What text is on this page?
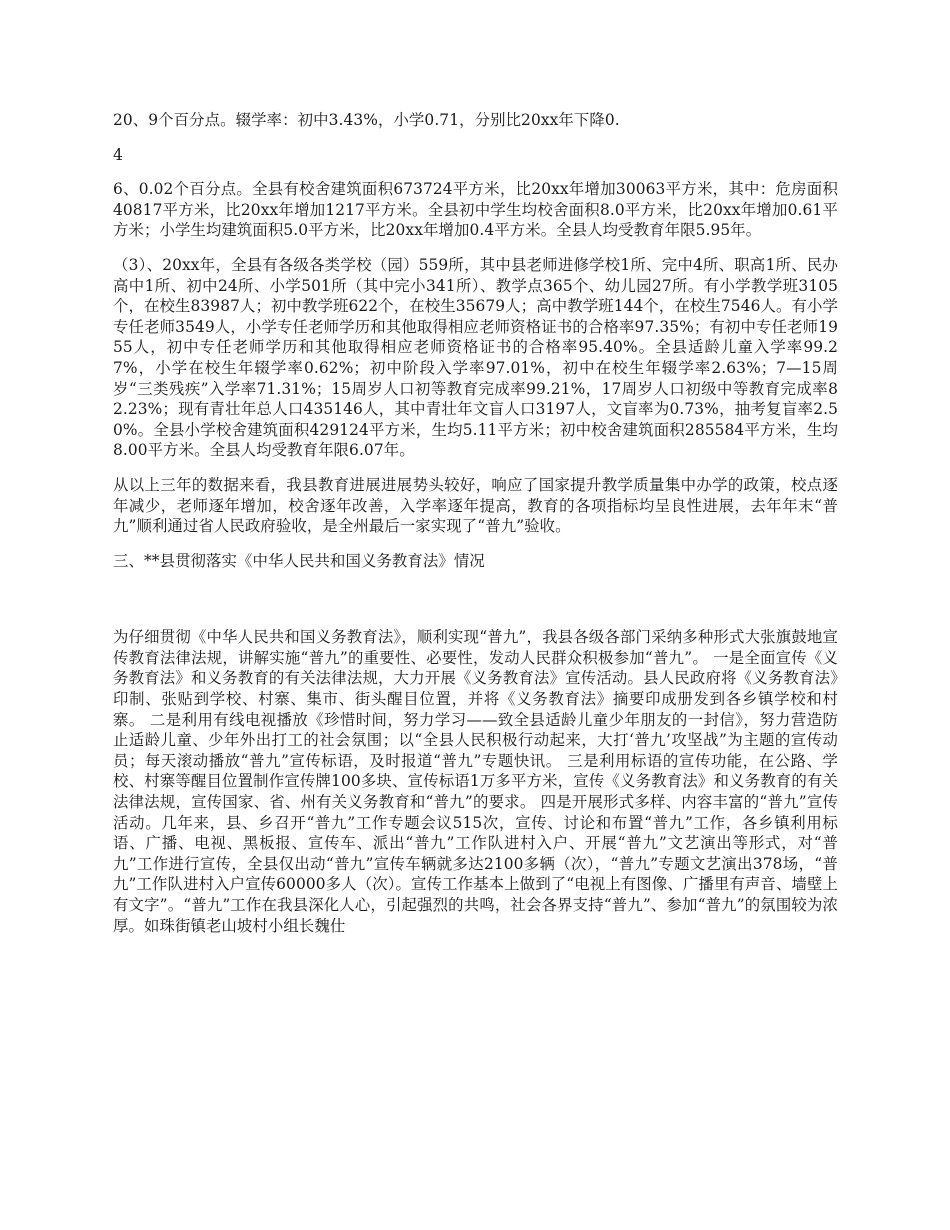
20、9个百分点。辍学率：初中3.43%，小学0.71，分别比20xx年下降0.

4

6、0.02个百分点。全县有校舍建筑面积673724平方米，比20xx年增加30063平方米，其中：危房面积40817平方米，比20xx年增加1217平方米。全县初中学生均校舍面积8.0平方米，比20xx年增加0.61平方米；小学生均建筑面积5.0平方米，比20xx年增加0.4平方米。全县人均受教育年限5.95年。

（3）、20xx年，全县有各级各类学校（园）559所，其中县老师进修学校1所、完中4所、职高1所、民办高中1所、初中24所、小学501所（其中完小341所）、教学点365个、幼儿园27所。有小学教学班3105个，在校生83987人；初中教学班622个，在校生35679人；高中教学班144个，在校生7546人。有小学专任老师3549人，小学专任老师学历和其他取得相应老师资格证书的合格率97.35%；有初中专任老师1955人，初中专任老师学历和其他取得相应老师资格证书的合格率95.40%。全县适龄儿童入学率99.27%，小学在校生年辍学率0.62%；初中阶段入学率97.01%，初中在校生年辍学率2.63%；7—15周岁“三类残疾”入学率71.31%；15周岁人口初等教育完成率99.21%，17周岁人口初级中等教育完成率82.23%；现有青壮年总人口435146人，其中青壮年文盲人口3197人，文盲率为0.73%，抽考复盲率2.50%。全县小学校舍建筑面积429124平方米，生均5.11平方米；初中校舍建筑面积285584平方米，生均8.00平方米。全县人均受教育年限6.07年。

从以上三年的数据来看，我县教育进展进展势头较好，响应了国家提升教学质量集中办学的政策，校点逐年减少，老师逐年增加，校舍逐年改善，入学率逐年提高，教育的各项指标均呈良性进展，去年年末“普九”顺利通过省人民政府验收，是全州最后一家实现了“普九”验收。

三、**县贯彻落实《中华人民共和国义务教育法》情况

为仔细贯彻《中华人民共和国义务教育法》，顺利实现“普九”，我县各级各部门采纳多种形式大张旗鼓地宣传教育法律法规，讲解实施“普九”的重要性、必要性，发动人民群众积极参加“普九”。 一是全面宣传《义务教育法》和义务教育的有关法律法规，大力开展《义务教育法》宣传活动。县人民政府将《义务教育法》印制、张贴到学校、村寨、集市、街头醒目位置，并将《义务教育法》摘要印成册发到各乡镇学校和村寨。 二是利用有线电视播放《珍惜时间，努力学习——致全县适龄儿童少年朋友的一封信》，努力营造防止适龄儿童、少年外出打工的社会氛围；以“全县人民积极行动起来，大打‘普九’攻坚战”为主题的宣传动员；每天滚动播放“普九”宣传标语，及时报道“普九”专题快讯。 三是利用标语的宣传功能，在公路、学校、村寨等醒目位置制作宣传牌100多块、宣传标语1万多平方米，宣传《义务教育法》和义务教育的有关法律法规，宣传国家、省、州有关义务教育和“普九”的要求。 四是开展形式多样、内容丰富的“普九”宣传活动。几年来，县、乡召开“普九”工作专题会议515次，宣传、讨论和布置“普九”工作，各乡镇利用标语、广播、电视、黑板报、宣传车、派出“普九”工作队进村入户、开展“普九”文艺演出等形式，对“普九”工作进行宣传，全县仅出动“普九”宣传车辆就多达2100多辆（次），“普九”专题文艺演出378场，“普九”工作队进村入户宣传60000多人（次）。宣传工作基本上做到了“电视上有图像、广播里有声音、墙壁上有文字”。“普九”工作在我县深化人心，引起强烈的共鸣，社会各界支持“普九”、参加“普九”的氛围较为浓厚。如珠街镇老山坡村小组长魏仕
